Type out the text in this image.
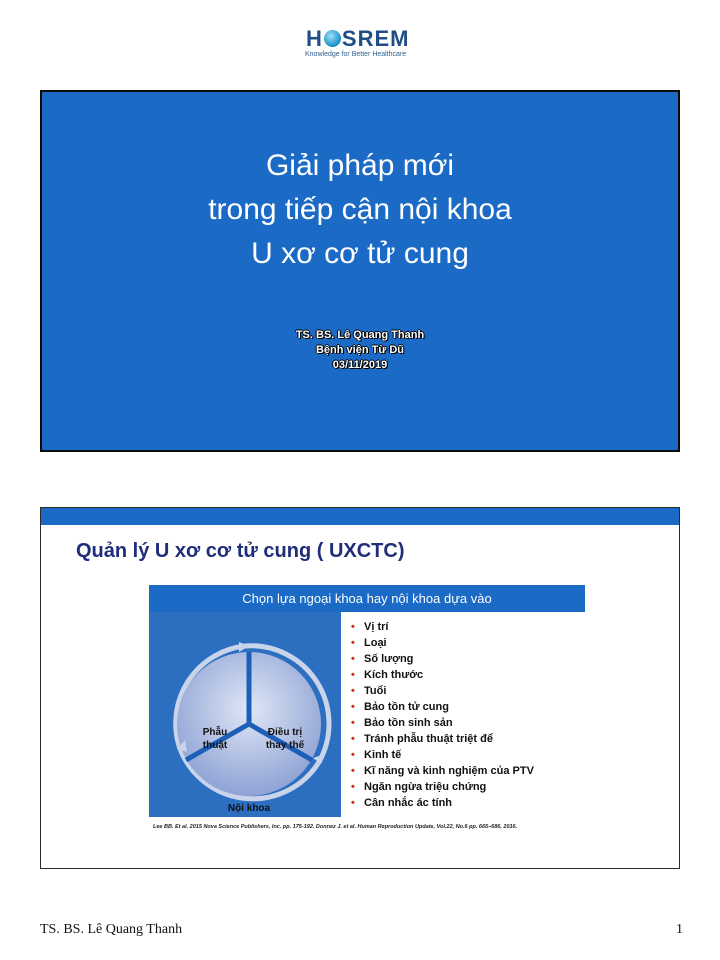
H SREM
Knowledge for Better Healthcare
Giải pháp mới
trong tiếp cận nội khoa
U xơ cơ tử cung
TS. BS. Lê Quang Thanh
Bệnh viện Từ Dũ
03/11/2019
Quản lý U xơ cơ tử cung ( UXCTC)
Chọn lựa ngoại khoa hay nội khoa dựa vào
Phẫu
thuật
Điều trị
thay thế
Nội khoa
• Vị trí
• Loại
• Số lượng
• Kích thước
• Tuổi
• Bảo tồn tử cung
• Bảo tồn sinh sản
• Tránh phẫu thuật triệt để
• Kinh tế
• Kĩ năng và kinh nghiệm của PTV
• Ngăn ngừa triệu chứng
• Cân nhắc ác tính
Lee BB. Et al. 2015 Nova Science Publishers, Inc. pp. 175-192. Donnez J. et al. Human Reproduction Update, Vol.22, No.6 pp. 665–686, 2016.
TS. BS. Lê Quang Thanh	1
